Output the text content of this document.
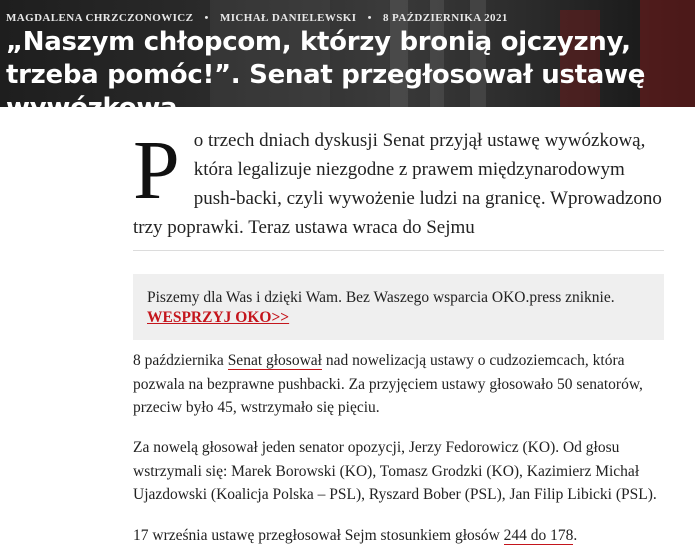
MAGDALENA CHRZCZONOWICZ • MICHAŁ DANIELEWSKI • 8 PAŹDZIERNIKA 2021
„Naszym chłopcom, którzy bronią ojczyzny, trzeba pomóc!”. Senat przegłosował ustawę wywózkową
Po trzech dniach dyskusji Senat przyjął ustawę wywózkową, która legalizuje niezgodne z prawem międzynarodowym push-backi, czyli wywożenie ludzi na granicę. Wprowadzono trzy poprawki. Teraz ustawa wraca do Sejmu
Piszemy dla Was i dzięki Wam. Bez Waszego wsparcia OKO.press zniknie.
WESPRZYJ OKO>>

8 października Senat głosował nad nowelizacją ustawy o cudzoziemcach, która pozwala na bezprawne pushbacki. Za przyjęciem ustawy głosowało 50 senatorów, przeciw było 45, wstrzymało się pięciu.

Za nowelą głosował jeden senator opozycji, Jerzy Fedorowicz (KO). Od głosu wstrzymali się: Marek Borowski (KO), Tomasz Grodzki (KO), Kazimierz Michał Ujazdowski (Koalicja Polska – PSL), Ryszard Bober (PSL), Jan Filip Libicki (PSL).

17 września ustawę przegłosował Sejm stosunkiem głosów 244 do 178.
